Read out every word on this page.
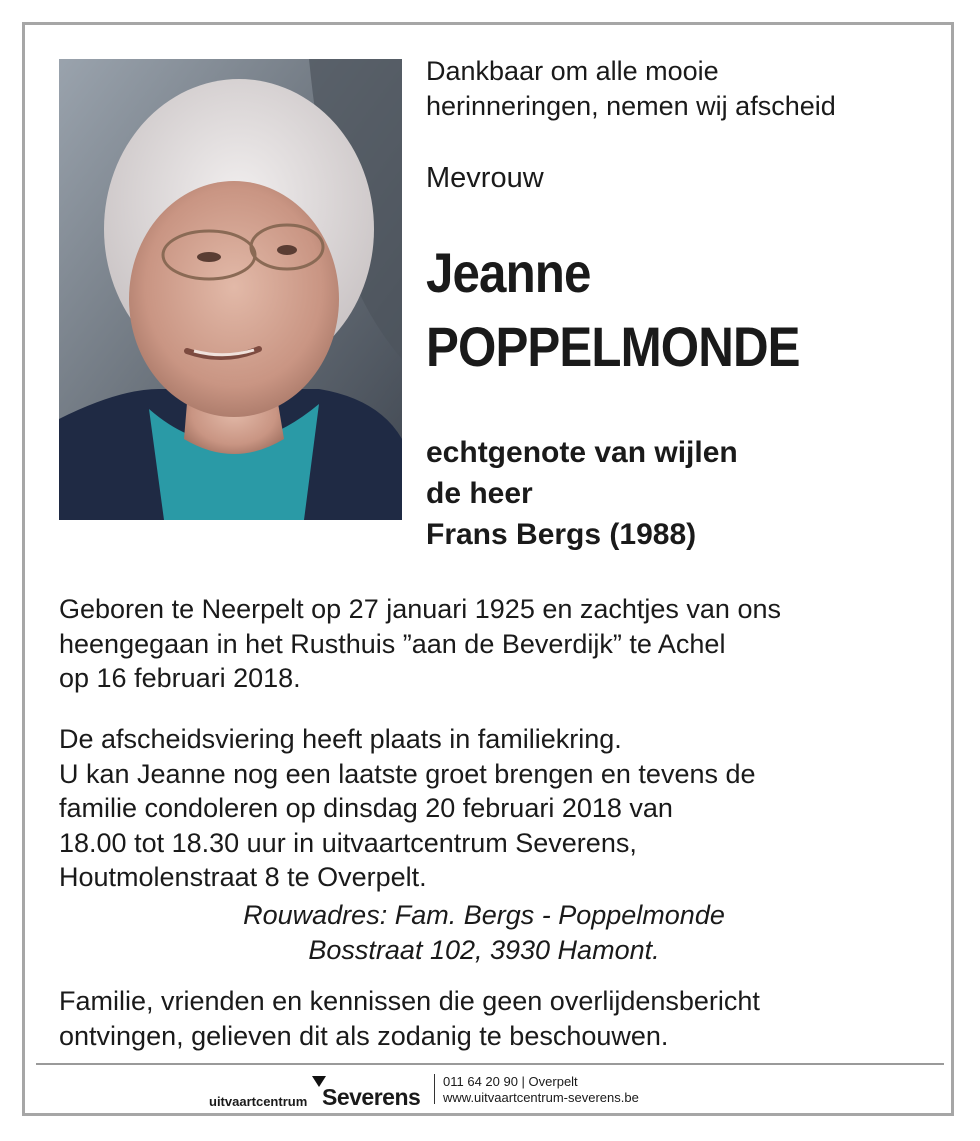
Dankbaar om alle mooie
herinneringen, nemen wij afscheid
Mevrouw
Jeanne
POPPELMONDE
echtgenote van wijlen
de heer
Frans Bergs (1988)
Geboren te Neerpelt op 27 januari 1925 en zachtjes van ons
heengegaan in het Rusthuis ”aan de Beverdijk” te Achel
op 16 februari 2018.
De afscheidsviering heeft plaats in familiekring.
U kan Jeanne nog een laatste groet brengen en tevens de
familie condoleren op dinsdag 20 februari 2018 van
18.00 tot 18.30 uur in uitvaartcentrum Severens,
Houtmolenstraat 8 te Overpelt.
Rouwadres: Fam. Bergs - Poppelmonde
Bosstraat 102, 3930 Hamont.
Familie, vrienden en kennissen die geen overlijdensbericht
ontvingen, gelieven dit als zodanig te beschouwen.
uitvaartcentrum Severens
011 64 20 90 | Overpelt
www.uitvaartcentrum-severens.be
